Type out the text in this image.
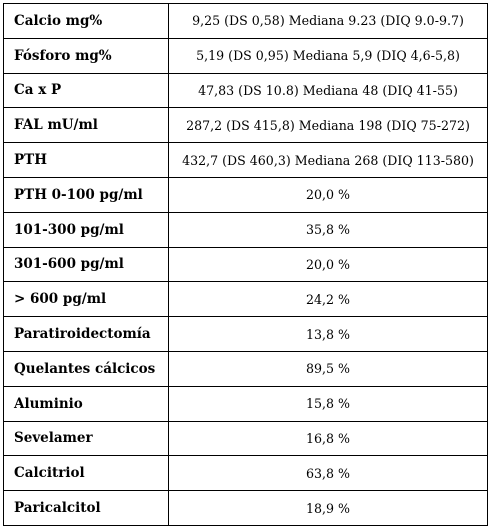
Calcio mg%	9,25 (DS 0,58) Mediana 9.23 (DIQ 9.0-9.7)
Fósforo mg%	5,19 (DS 0,95) Mediana 5,9 (DIQ 4,6-5,8)
Ca x P	47,83 (DS 10.8) Mediana 48 (DIQ 41-55)
FAL mU/ml	287,2 (DS 415,8) Mediana 198 (DIQ 75-272)
PTH	432,7 (DS 460,3) Mediana 268 (DIQ 113-580)
PTH 0-100 pg/ml	20,0 %
101-300 pg/ml	35,8 %
301-600 pg/ml	20,0 %
> 600 pg/ml	24,2 %
Paratiroidectomía	13,8 %
Quelantes cálcicos	89,5 %
Aluminio	15,8 %
Sevelamer	16,8 %
Calcitriol	63,8 %
Paricalcitol	18,9 %
